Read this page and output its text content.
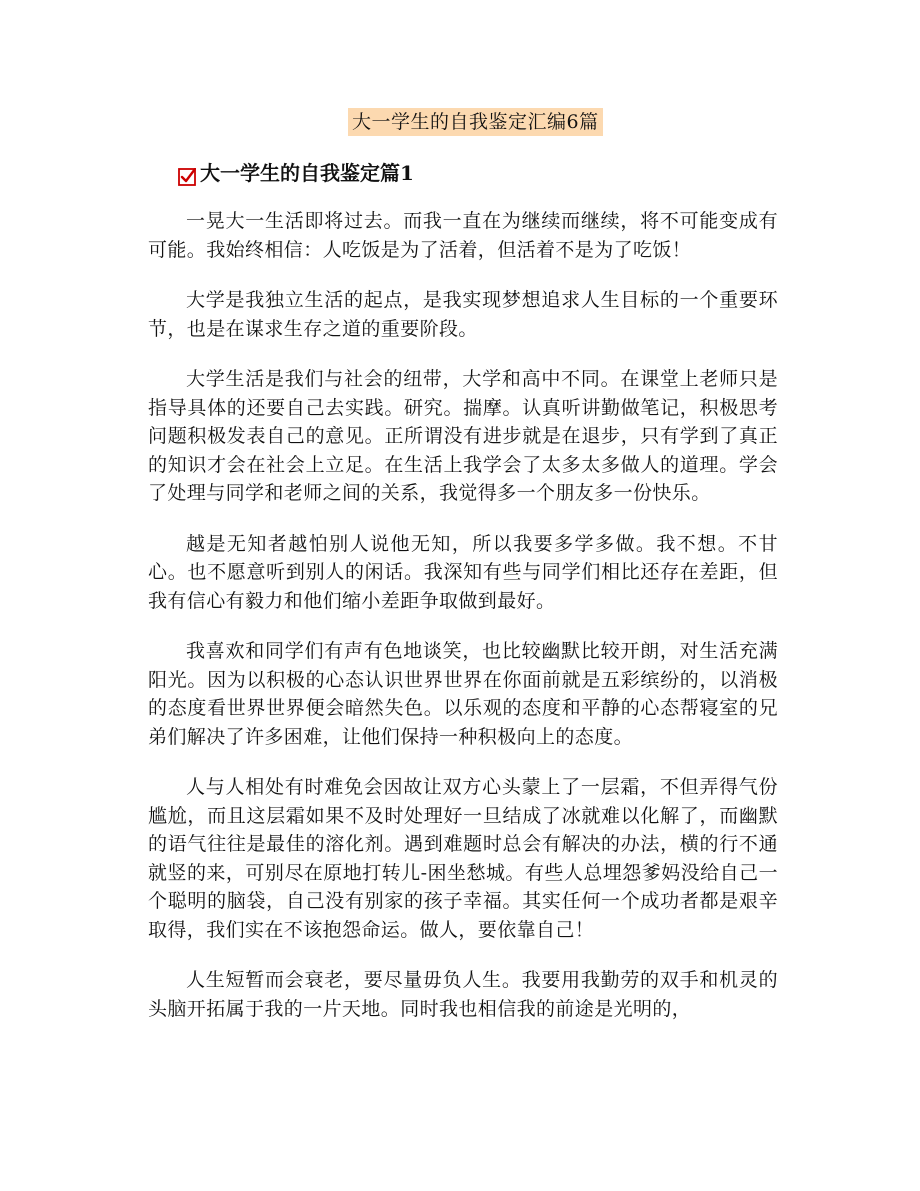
大一学生的自我鉴定汇编6篇
大一学生的自我鉴定篇1

一晃大一生活即将过去。而我一直在为继续而继续，将不可能变成有可能。我始终相信：人吃饭是为了活着，但活着不是为了吃饭！

大学是我独立生活的起点，是我实现梦想追求人生目标的一个重要环节，也是在谋求生存之道的重要阶段。

大学生活是我们与社会的纽带，大学和高中不同。在课堂上老师只是指导具体的还要自己去实践。研究。揣摩。认真听讲勤做笔记，积极思考问题积极发表自己的意见。正所谓没有进步就是在退步，只有学到了真正的知识才会在社会上立足。在生活上我学会了太多太多做人的道理。学会了处理与同学和老师之间的关系，我觉得多一个朋友多一份快乐。

越是无知者越怕别人说他无知，所以我要多学多做。我不想。不甘心。也不愿意听到别人的闲话。我深知有些与同学们相比还存在差距，但我有信心有毅力和他们缩小差距争取做到最好。

我喜欢和同学们有声有色地谈笑，也比较幽默比较开朗，对生活充满阳光。因为以积极的心态认识世界世界在你面前就是五彩缤纷的，以消极的态度看世界世界便会暗然失色。以乐观的态度和平静的心态帮寝室的兄弟们解决了许多困难，让他们保持一种积极向上的态度。

人与人相处有时难免会因故让双方心头蒙上了一层霜，不但弄得气份尴尬，而且这层霜如果不及时处理好一旦结成了冰就难以化解了，而幽默的语气往往是最佳的溶化剂。遇到难题时总会有解决的办法，横的行不通就竖的来，可别尽在原地打转儿-困坐愁城。有些人总埋怨爹妈没给自己一个聪明的脑袋，自己没有别家的孩子幸福。其实任何一个成功者都是艰辛取得，我们实在不该抱怨命运。做人，要依靠自己！

人生短暂而会衰老，要尽量毋负人生。我要用我勤劳的双手和机灵的头脑开拓属于我的一片天地。同时我也相信我的前途是光明的，
